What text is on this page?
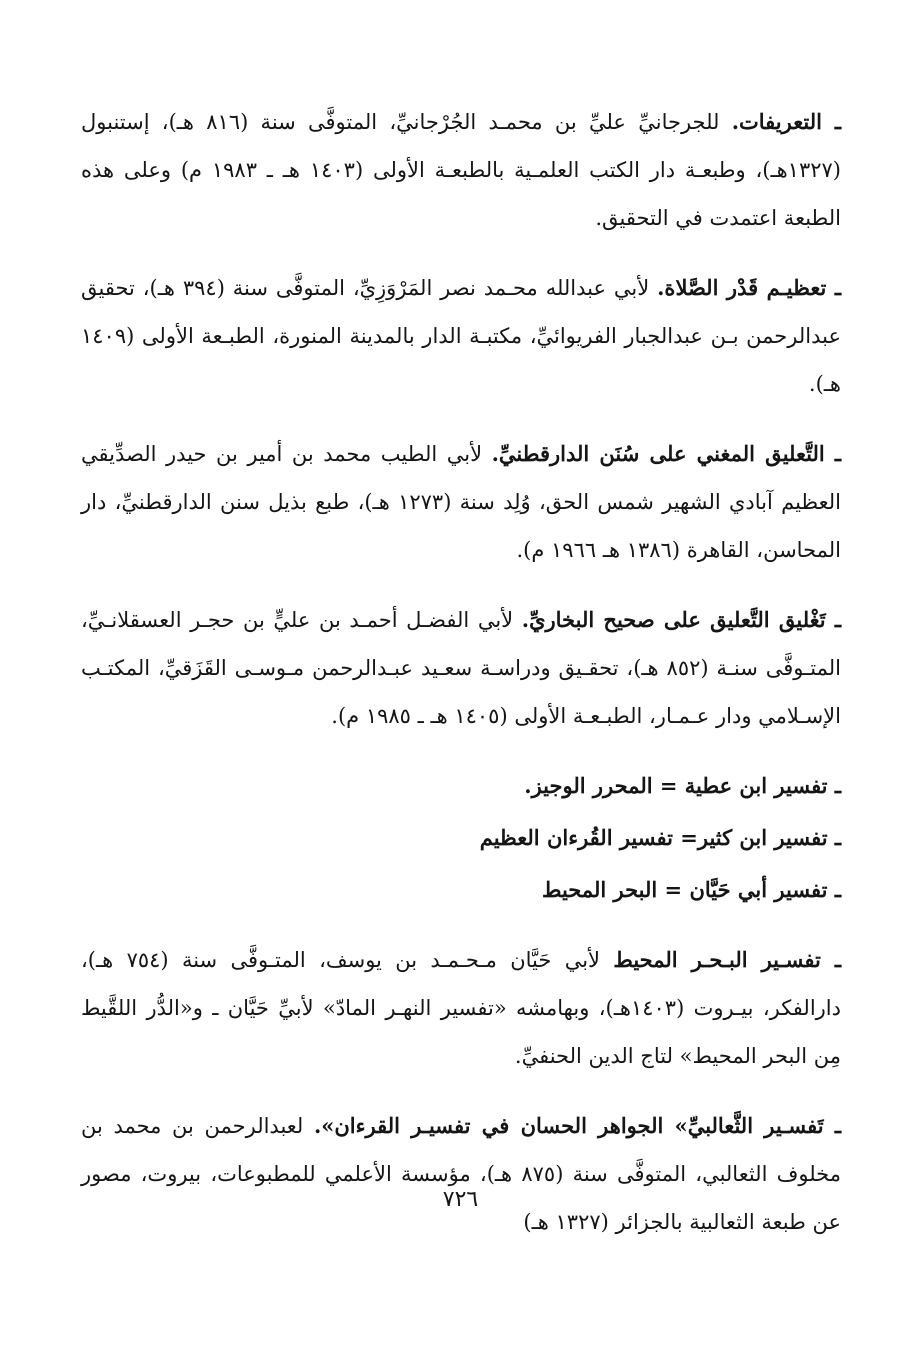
ـ التعريفات. للجرجانيِّ عليِّ بن محمـد الجُرْجانيِّ، المتوفَّى سنة (٨١٦ هـ)، إستنبول (١٣٢٧هـ)، وطبعـة دار الكتب العلمـية بالطبعـة الأولى (١٤٠٣ هـ ـ ١٩٨٣ م) وعلى هذه الطبعة اعتمدت في التحقيق.

ـ تعظيـم قَدْر الصَّلاة. لأبي عبدالله محـمد نصر المَرْوَزِيِّ، المتوفَّى سنة (٣٩٤ هـ)، تحقيق عبدالرحمن بـن عبدالجبار الفريوائيِّ، مكتبـة الدار بالمدينة المنورة، الطبـعة الأولى (١٤٠٩ هـ).

ـ التَّعليق المغني على سُنَن الدارقطنيِّ. لأبي الطيب محمد بن أمير بن حيدر الصدِّيقي العظيم آبادي الشهير شمس الحق، وُلِد سنة (١٢٧٣ هـ)، طبع بذيل سنن الدارقطنيِّ، دار المحاسن، القاهرة (١٣٨٦ هـ ١٩٦٦ م).

ـ تَغْليق التَّعليق على صحيح البخاريِّ. لأبي الفضـل أحمـد بن عليٍّ بن حجـر العسقلانـيِّ، المتـوفَّى سنـة (٨٥٢ هـ)، تحقـيق ودراسـة سعـيد عبـدالرحمن مـوسـى القَزَقيِّ، المكتـب الإسـلامي ودار عـمـار، الطبـعـة الأولى (١٤٠٥ هـ ـ ١٩٨٥ م).

ـ تفسير ابن عطية = المحرر الوجيز.

ـ تفسير ابن كثير= تفسير القُرءان العظيم

ـ تفسير أبي حَيَّان = البحر المحيط

ـ تفسـير البـحـر المحيط لأبي حَيَّان مـحـمـد بن يوسف، المتـوفَّى سنة (٧٥٤ هـ)، دارالفكر، بيـروت (١٤٠٣هـ)، وبهامشه «تفسير النهـر المادّ» لأبيِّ حَيَّان ـ و«الدُّر اللقَّيط مِن البحر المحيط» لتاج الدين الحنفيِّ.

ـ تَفسـير الثَّعالبيِّ» الجواهر الحسان في تفسيـر القرءان». لعبدالرحمن بن محمد بن مخلوف الثعالبي، المتوفَّى سنة (٨٧٥ هـ)، مؤسسة الأعلمي للمطبوعات، بيروت، مصور عن طبعة الثعالبية بالجزائر (١٣٢٧ هـ)

٧٢٦
